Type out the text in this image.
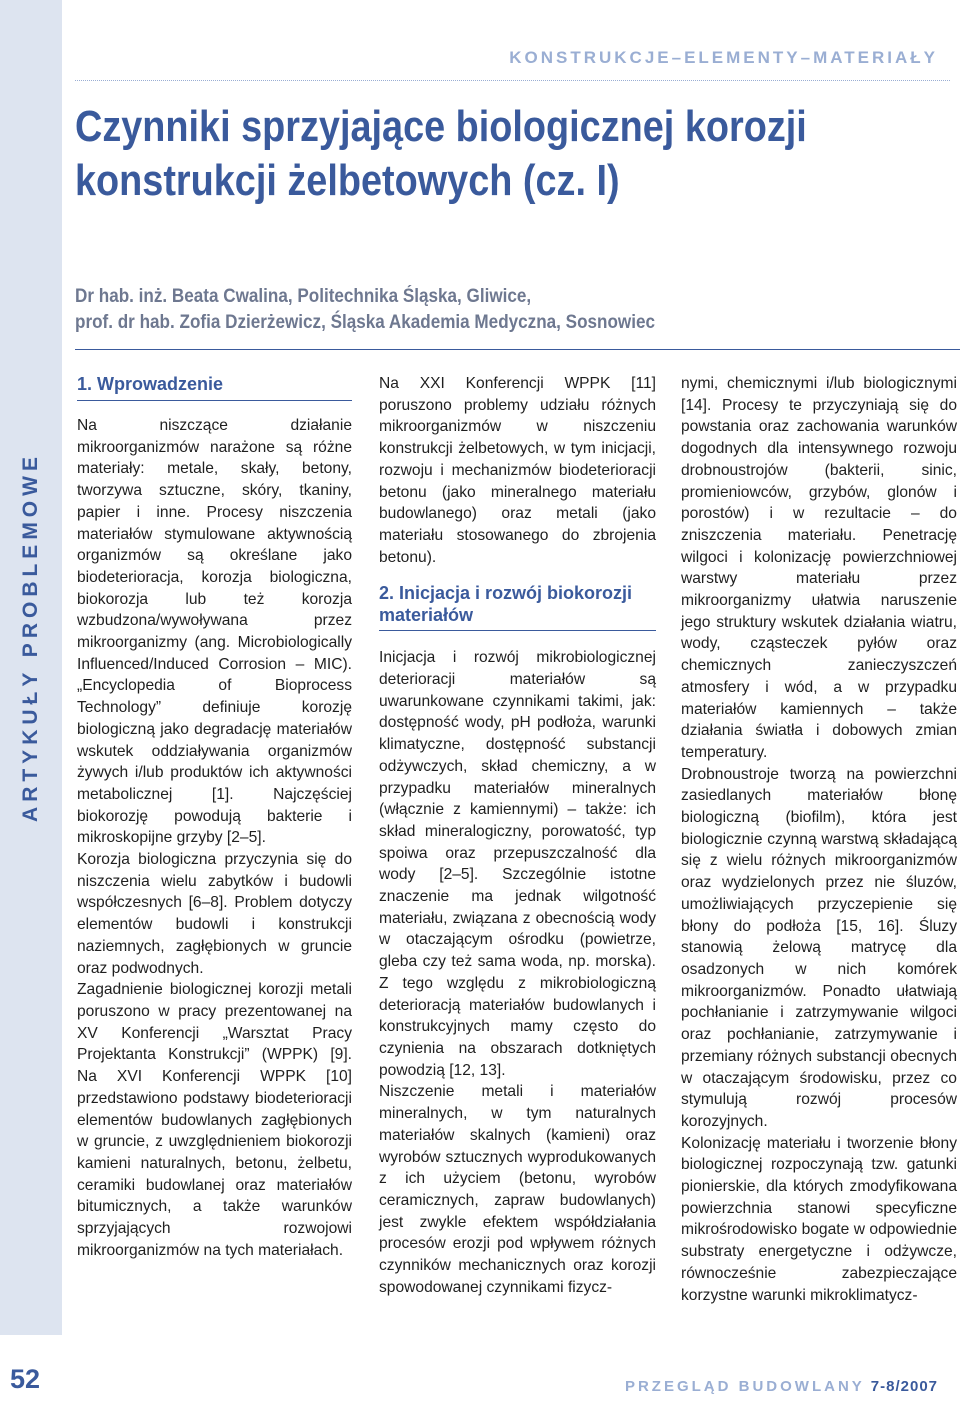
ARTYKUŁY PROBLEMOWE
52
KONSTRUKCJE–ELEMENTY–MATERIAŁY
Czynniki sprzyjające biologicznej korozji
konstrukcji żelbetowych (cz. I)
Dr hab. inż. Beata Cwalina, Politechnika Śląska, Gliwice,
prof. dr hab. Zofia Dzierżewicz, Śląska Akademia Medyczna, Sosnowiec
1. Wprowadzenie

Na niszczące działanie mikroorganizmów narażone są różne materiały: metale, skały, betony, tworzywa sztuczne, skóry, tkaniny, papier i inne. Procesy niszczenia materiałów stymulowane aktywnością organizmów są określane jako biodeterioracja, korozja biologiczna, biokorozja lub też korozja wzbudzona/wywoływana przez mikroorganizmy (ang. Microbiologically Influenced/Induced Corrosion – MIC). „Encyclopedia of Bioprocess Technology” definiuje korozję biologiczną jako degradację materiałów wskutek oddziaływania organizmów żywych i/lub produktów ich aktywności metabolicznej [1]. Najczęściej biokorozję powodują bakterie i mikroskopijne grzyby [2–5].

Korozja biologiczna przyczynia się do niszczenia wielu zabytków i budowli współczesnych [6–8]. Problem dotyczy elementów budowli i konstrukcji naziemnych, zagłębionych w gruncie oraz podwodnych.

Zagadnienie biologicznej korozji metali poruszono w pracy prezentowanej na XV Konferencji „Warsztat Pracy Projektanta Konstrukcji” (WPPK) [9]. Na XVI Konferencji WPPK [10] przedstawiono podstawy biodeterioracji elementów budowlanych zagłębionych w gruncie, z uwzględnieniem biokorozji kamieni naturalnych, betonu, żelbetu, ceramiki budowlanej oraz materiałów bitumicznych, a także warunków sprzyjających rozwojowi mikroorganizmów na tych materiałach.

Na XXI Konferencji WPPK [11] poruszono problemy udziału różnych mikroorganizmów w niszczeniu konstrukcji żelbetowych, w tym inicjacji, rozwoju i mechanizmów biodeterioracji betonu (jako mineralnego materiału budowlanego) oraz metali (jako materiału stosowanego do zbrojenia betonu).

2. Inicjacja i rozwój biokorozji materiałów

Inicjacja i rozwój mikrobiologicznej deterioracji materiałów są uwarunkowane czynnikami takimi, jak: dostępność wody, pH podłoża, warunki klimatyczne, dostępność substancji odżywczych, skład chemiczny, a w przypadku materiałów mineralnych (włącznie z kamiennymi) – także: ich skład mineralogiczny, porowatość, typ spoiwa oraz przepuszczalność dla wody [2–5]. Szczególnie istotne znaczenie ma jednak wilgotność materiału, związana z obecnością wody w otaczającym ośrodku (powietrze, gleba czy też sama woda, np. morska). Z tego względu z mikrobiologiczną deterioracją materiałów budowlanych i konstrukcyjnych mamy często do czynienia na obszarach dotkniętych powodzią [12, 13].

Niszczenie metali i materiałów mineralnych, w tym naturalnych materiałów skalnych (kamieni) oraz wyrobów sztucznych wyprodukowanych z ich użyciem (betonu, wyrobów ceramicznych, zapraw budowlanych) jest zwykle efektem współdziałania procesów erozji pod wpływem różnych czynników mechanicznych oraz korozji spowodowanej czynnikami fizycz-

nymi, chemicznymi i/lub biologicznymi [14]. Procesy te przyczyniają się do powstania oraz zachowania warunków dogodnych dla intensywnego rozwoju drobnoustrojów (bakterii, sinic, promieniowców, grzybów, glonów i porostów) i w rezultacie – do zniszczenia materiału. Penetrację wilgoci i kolonizację powierzchniowej warstwy materiału przez mikroorganizmy ułatwia naruszenie jego struktury wskutek działania wiatru, wody, cząsteczek pyłów oraz chemicznych zanieczyszczeń atmosfery i wód, a w przypadku materiałów kamiennych – także działania światła i dobowych zmian temperatury.

Drobnoustroje tworzą na powierzchni zasiedlanych materiałów błonę biologiczną (biofilm), która jest biologicznie czynną warstwą składającą się z wielu różnych mikroorganizmów oraz wydzielonych przez nie śluzów, umożliwiających przyczepienie się błony do podłoża [15, 16]. Śluzy stanowią żelową matrycę dla osadzonych w nich komórek mikroorganizmów. Ponadto ułatwiają pochłanianie i zatrzymywanie wilgoci oraz pochłanianie, zatrzymywanie i przemiany różnych substancji obecnych w otaczającym środowisku, przez co stymulują rozwój procesów korozyjnych.

Kolonizację materiału i tworzenie błony biologicznej rozpoczynają tzw. gatunki pionierskie, dla których zmodyfikowana powierzchnia stanowi specyficzne mikrośrodowisko bogate w odpowiednie substraty energetyczne i odżywcze, równocześnie zabezpieczające korzystne warunki mikroklimatycz-

PRZEGLĄD BUDOWLANY 7-8/2007
